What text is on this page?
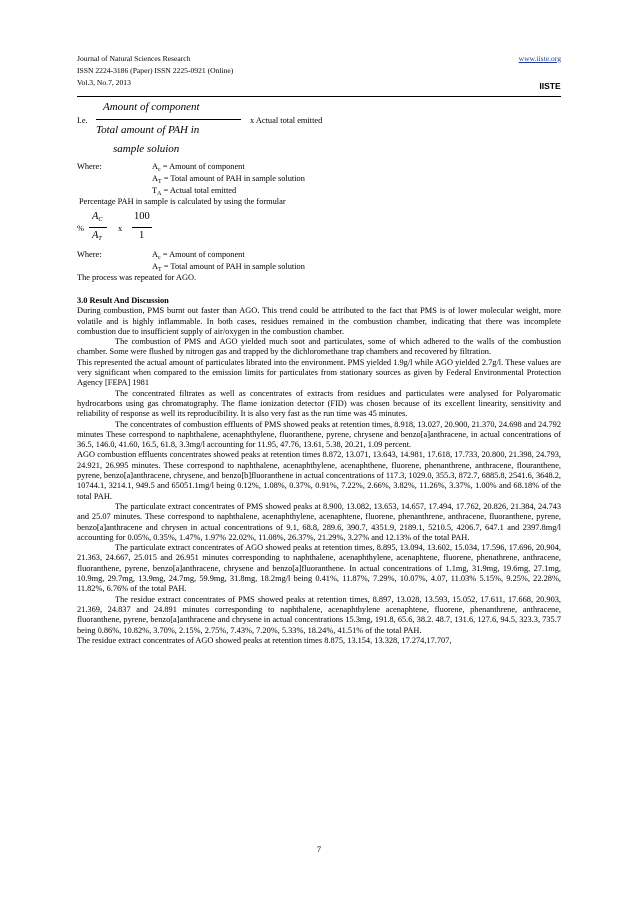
Journal of Natural Sciences Research
ISSN 2224-3186 (Paper) ISSN 2225-0921 (Online)
Vol.3, No.7, 2013
www.iiste.org
IISTE
I.e.
Amount of component
Total amount of PAH in
sample soluion
x Actual total emitted
Where:	$A_c$ = Amount of component
$A_T$ = Total amount of PAH in sample solution
$T_A$ = Actual total emitted
Percentage PAH in sample is calculated by using the formular
%
$A_C$
$A_T$
x
100
1
Where:	$A_c$ = Amount of component
$A_T$ = Total amount of PAH in sample solution
The process was repeated for AGO.

3.0 Result And Discussion

During combustion, PMS burnt out faster than AGO. This trend could be attributed to the fact that PMS is of lower molecular weight, more volatile and is highly inflammable. In both cases, residues remained in the combustion chamber, indicating that there was incomplete combustion due to insufficient supply of air/oxygen in the combustion chamber.

The combustion of PMS and AGO yielded much soot and particulates, some of which adhered to the walls of the combustion chamber. Some were flushed by nitrogen gas and trapped by the dichloromethane trap chambers and recovered by filtration.

This represented the actual amount of particulates librated into the environment. PMS yielded 1.9g/l while AGO yielded 2.7g/l. These values are very significant when compared to the emission limits for particulates from stationary sources as given by Federal Environmental Protection Agency [FEPA] 1981

The concentrated filtrates as well as concentrates of extracts from residues and particulates were analysed for Polyaromatic hydrocarbons using gas chromatography. The flame ionization detector (FID) was chosen because of its excellent linearity, sensitivity and reliability of response as well its reproducibility. It is also very fast as the run time was 45 minutes.

The concentrates of combustion effluents of PMS showed peaks at retention times, 8.918, 13.027, 20.900, 21.370, 24.698 and 24.792 minutes These correspond to naphthalene, acenaphthylene, fluoranthene, pyrene, chrysene and benzo[a]anthracene, in actual concentrations of 36.5, 146.0, 41.60, 16.5, 61.8, 3.3mg/l accounting for 11.95, 47.76, 13.61, 5.38, 20.21, 1.09 percent.

AGO combustion effluents concentrates showed peaks at retention times 8.872, 13.071, 13.643, 14.981, 17.618, 17.733, 20.800, 21.398, 24.793, 24.921, 26.995 minutes. These correspond to naphthalene, acenaphthylene, acenaphthene, fluorene, phenanthrene, anthracene, flouranthene, pyrene, benzo[a]anthracene, chrysene, and benzo[b]fluoranthene in actual concentrations of 117.3, 1029.0, 355.3, 872.7, 6885.8, 2541.6, 3648.2, 10744.1, 3214.1, 949.5 and 65051.1mg/l being 0.12%, 1.08%, 0.37%, 0.91%, 7.22%, 2.66%, 3.82%, 11.26%, 3.37%, 1.00% and 68.18% of the total PAH.

The particulate extract concentrates of PMS showed peaks at 8.900, 13.082, 13.653, 14.657, 17.494, 17.762, 20.826, 21.384, 24.743 and 25.07 minutes. These correspond to naphthalene, acenaphthylene, acenaphtene, fluorene, phenanthrene, anthracene, fluoranthene, pyrene, benzo[a]anthracene and chrysen in actual concentrations of 9.1, 68.8, 289.6, 390.7, 4351.9, 2189.1, 5210.5, 4206.7, 647.1 and 2397.8mg/l accounting for 0.05%, 0.35%, 1.47%, 1.97% 22.02%, 11.08%, 26.37%, 21.29%, 3.27% and 12.13% of the total PAH.

The particulate extract concentrates of AGO showed peaks at retention times, 8.895, 13.094, 13.602, 15.034, 17.596, 17.696, 20.904, 21.363, 24.667, 25.015 and 26.951 minutes corresponding to naphthalene, acenaphthylene, acenaphtene, fluorene, phenathrene, anthracene, fluoranthene, pyrene, benzo[a]anthracene, chrysene and benzo[a]fluoranthene. In actual concentrations of 1.1mg, 31.9mg, 19.6mg, 27.1mg, 10.9mg, 29.7mg, 13.9mg, 24.7mg, 59.9mg, 31.8mg, 18.2mg/l being 0.41%, 11.87%, 7.29%, 10.07%, 4.07, 11.03% 5.15%, 9.25%, 22.28%, 11.82%, 6.76% of the total PAH.

The residue extract concentrates of PMS showed peaks at retention times, 8.897, 13.028, 13.593, 15.052, 17.611, 17.668, 20.903, 21.369, 24.837 and 24.891 minutes corresponding to naphthalene, acenaphthylene acenaphtene, fluorene, phenanthrene, anthracene, fluoranthene, pyrene, benzo[a]anthracene and chrysene in actual concentrations 15.3mg, 191.8, 65.6, 38.2. 48.7, 131.6, 127.6, 94.5, 323.3, 735.7 being 0.86%, 10.82%, 3.70%, 2.15%, 2.75%, 7.43%, 7.20%, 5.33%, 18.24%, 41.51% of the total PAH.

The residue extract concentrates of AGO showed peaks at retention times 8.875, 13.154, 13.328, 17.274,17.707,

7
